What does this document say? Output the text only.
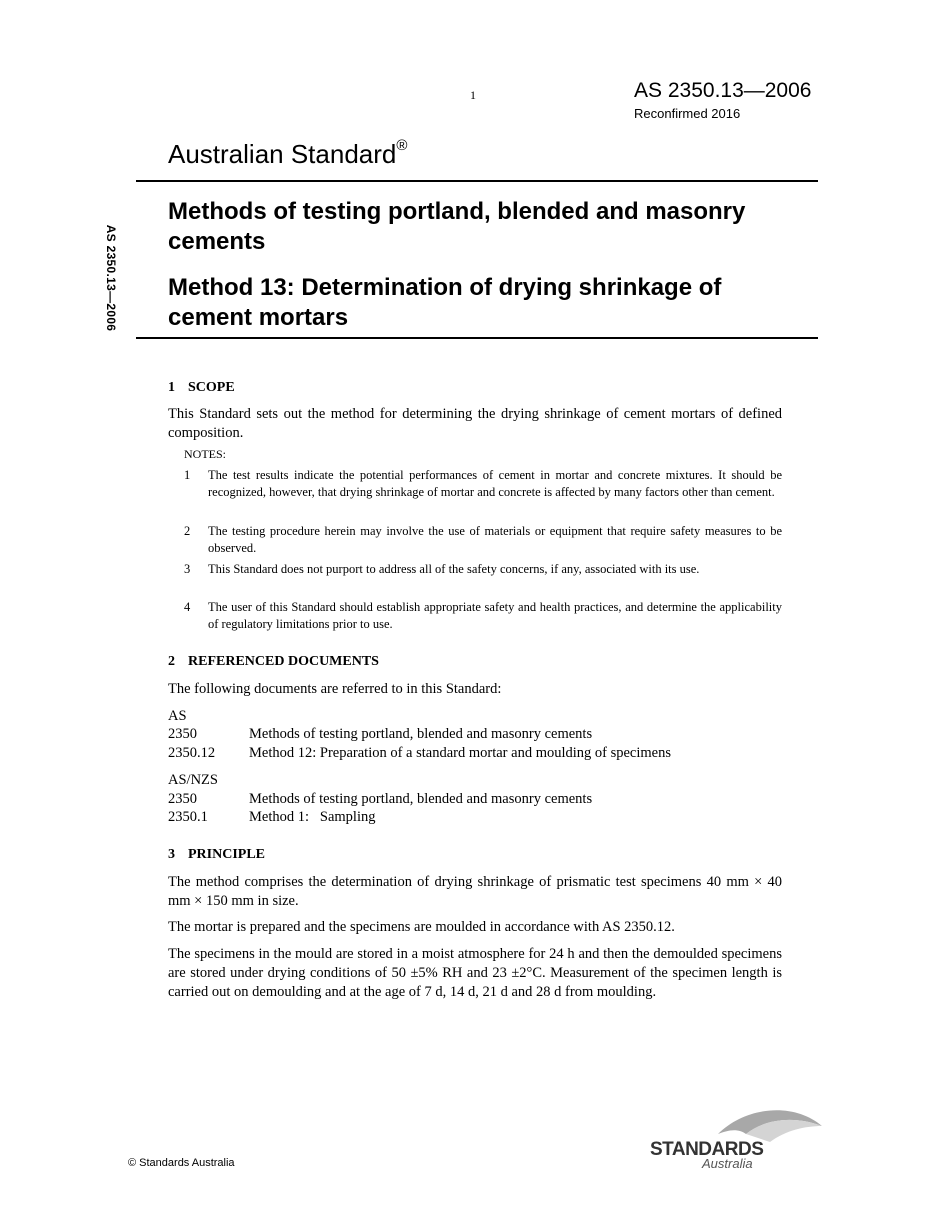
1	AS 2350.13—2006
Reconfirmed 2016
Australian Standard®
AS 2350.13—2006
Methods of testing portland, blended and masonry cements
Method 13: Determination of drying shrinkage of cement mortars
1 SCOPE
This Standard sets out the method for determining the drying shrinkage of cement mortars of defined composition.
NOTES:
1 The test results indicate the potential performances of cement in mortar and concrete mixtures. It should be recognized, however, that drying shrinkage of mortar and concrete is affected by many factors other than cement.
2 The testing procedure herein may involve the use of materials or equipment that require safety measures to be observed.
3 This Standard does not purport to address all of the safety concerns, if any, associated with its use.
4 The user of this Standard should establish appropriate safety and health practices, and determine the applicability of regulatory limitations prior to use.
2 REFERENCED DOCUMENTS
The following documents are referred to in this Standard:
AS
2350	Methods of testing portland, blended and masonry cements
2350.12 Method 12: Preparation of a standard mortar and moulding of specimens
AS/NZS
2350	Methods of testing portland, blended and masonry cements
2350.1	Method 1:   Sampling
3 PRINCIPLE
The method comprises the determination of drying shrinkage of prismatic test specimens 40 mm × 40 mm × 150 mm in size.
The mortar is prepared and the specimens are moulded in accordance with AS 2350.12.
The specimens in the mould are stored in a moist atmosphere for 24 h and then the demoulded specimens are stored under drying conditions of 50 ±5% RH and 23 ±2°C. Measurement of the specimen length is carried out on demoulding and at the age of 7 d, 14 d, 21 d and 28 d from moulding.
© Standards Australia
STANDARDS
Australia
